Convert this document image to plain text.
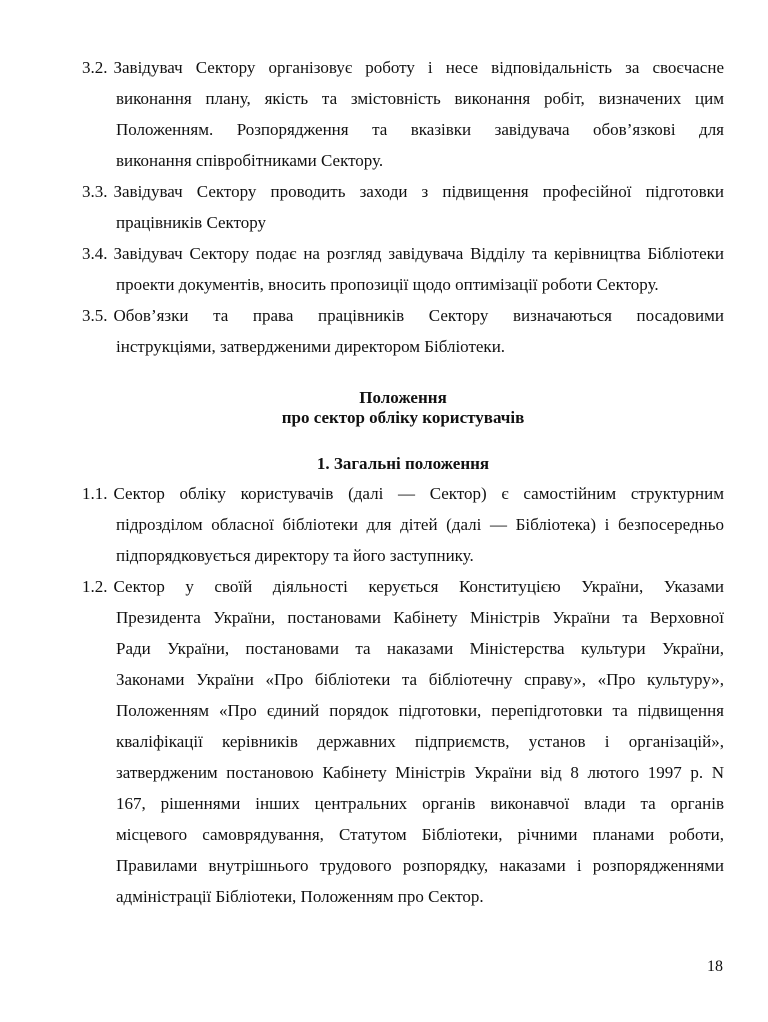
3.2. Завідувач Сектору організовує роботу і несе відповідальність за своєчасне
виконання плану, якість та змістовність виконання робіт, визначених цим
Положенням. Розпорядження та вказівки завідувача обов’язкові для
виконання співробітниками Сектору.
3.3. Завідувач Сектору проводить заходи з підвищення професійної підготовки
працівників Сектору
3.4. Завідувач Сектору подає на розгляд завідувача Відділу та керівництва Бібліотеки
проекти документів, вносить пропозиції щодо оптимізації роботи Сектору.
3.5. Обов’язки та права працівників Сектору визначаються посадовими
інструкціями, затвердженими директором Бібліотеки.
Положення
про сектор обліку користувачів
1. Загальні положення
1.1. Сектор обліку користувачів (далі — Сектор) є самостійним структурним
підрозділом обласної бібліотеки для дітей (далі — Бібліотека) і безпосередньо
підпорядковується директору та його заступнику.
1.2. Сектор у своїй діяльності керується Конституцією України, Указами
Президента України, постановами Кабінету Міністрів України та Верховної
Ради України, постановами та наказами Міністерства культури України,
Законами України «Про бібліотеки та бібліотечну справу», «Про культуру»,
Положенням «Про єдиний порядок підготовки, перепідготовки та підвищення
кваліфікації керівників державних підприємств, установ і організацій»,
затвердженим постановою Кабінету Міністрів України від 8 лютого 1997 р. N
167, рішеннями інших центральних органів виконавчої влади та органів
місцевого самоврядування, Статутом Бібліотеки, річними планами роботи,
Правилами внутрішнього трудового розпорядку, наказами і розпорядженнями
адміністрації Бібліотеки, Положенням про Сектор.
18
